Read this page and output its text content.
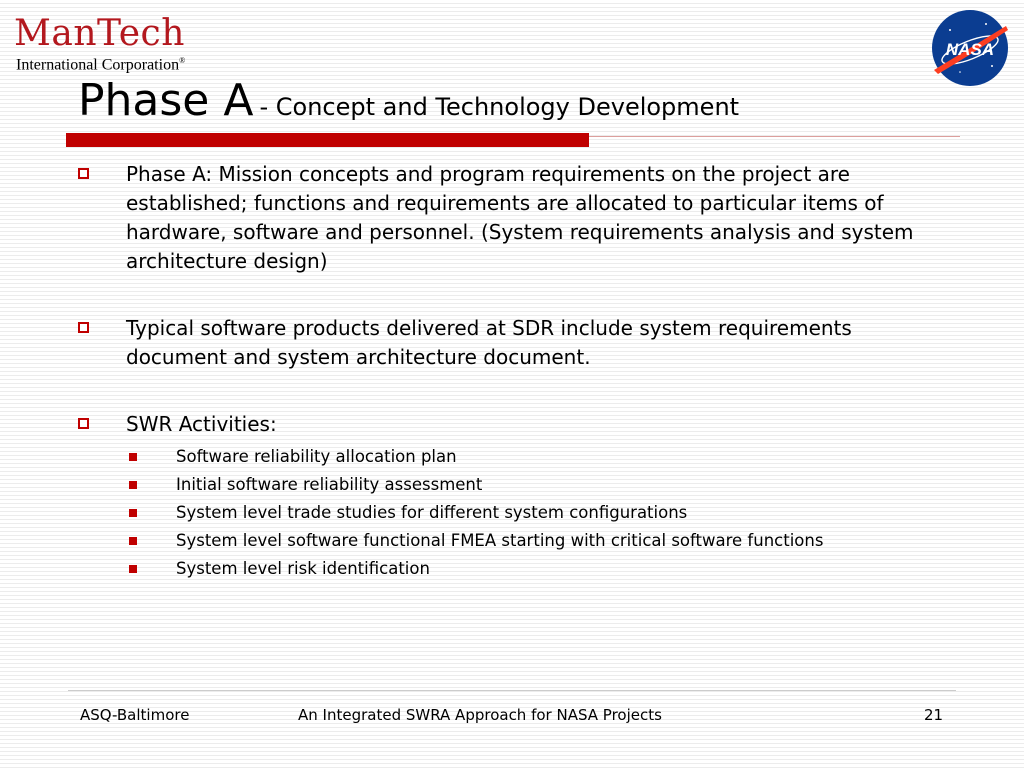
ManTech
International Corporation®
NASA
Phase A - Concept and Technology Development
Phase A: Mission concepts and program requirements on the project are established; functions and requirements are allocated to particular items of hardware, software and personnel. (System requirements analysis and system architecture design)
Typical software products delivered at SDR include system requirements document and system architecture document.
SWR Activities:
Software reliability allocation plan
Initial software reliability assessment
System level trade studies for different system configurations
System level software functional FMEA starting with critical software functions
System level risk identification
ASQ-Baltimore	An Integrated SWRA Approach for NASA Projects	21
